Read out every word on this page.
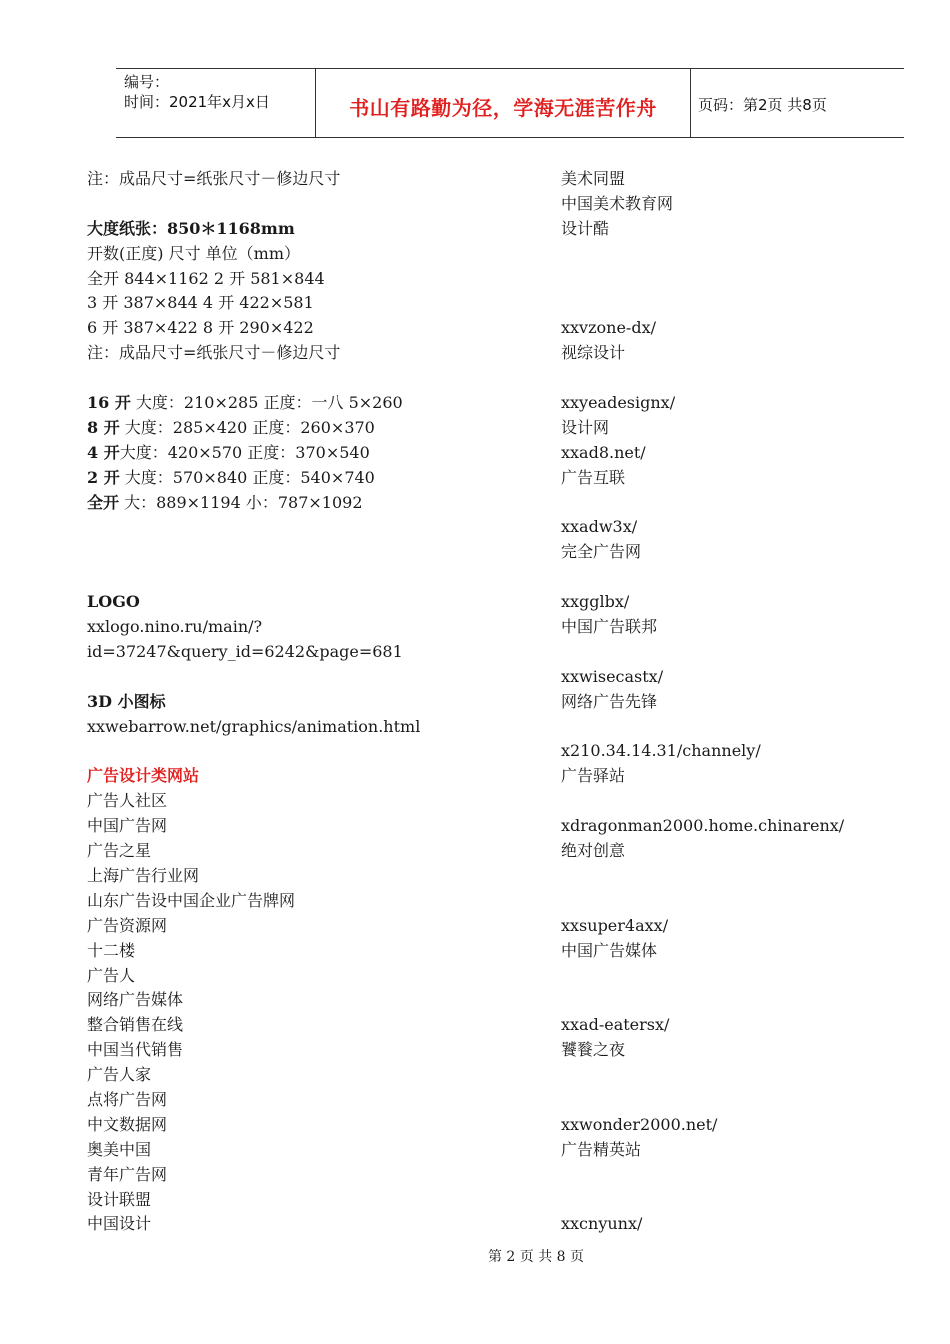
编号：
时间：2021年x月x日	书山有路勤为径，学海无涯苦作舟	页码：第2页 共8页
注：成品尺寸=纸张尺寸－修边尺寸
大度纸张：850＊1168mm
开数(正度) 尺寸 单位（mm）
全开 844×1162 2 开 581×844
3 开 387×844 4 开 422×581
6 开 387×422 8 开 290×422
注：成品尺寸=纸张尺寸－修边尺寸
16 开 大度：210×285 正度：一八 5×260
8 开 大度：285×420 正度：260×370
4 开大度：420×570 正度：370×540
2 开 大度：570×840 正度：540×740
全开 大：889×1194 小：787×1092
LOGO
xxlogo.nino.ru/main/?
id=37247&query_id=6242&page=681
3D 小图标
xxwebarrow.net/graphics/animation.html
广告设计类网站
广告人社区
中国广告网
广告之星
上海广告行业网
山东广告设中国企业广告牌网
广告资源网
十二楼
广告人
网络广告媒体
整合销售在线
中国当代销售
广告人家
点将广告网
中文数据网
奥美中国
青年广告网
设计联盟
中国设计
美术同盟
中国美术教育网
设计酷
xxvzone-dx/
视综设计
xxyeadesignx/
设计网
xxad8.net/
广告互联
xxadw3x/
完全广告网
xxgglbx/
中国广告联邦
xxwisecastx/
网络广告先锋
x210.34.14.31/channely/
广告驿站
xdragonman2000.home.chinarenx/
绝对创意
xxsuper4axx/
中国广告媒体
xxad-eatersx/
饕餮之夜
xxwonder2000.net/
广告精英站
xxcnyunx/
第 2 页 共 8 页
